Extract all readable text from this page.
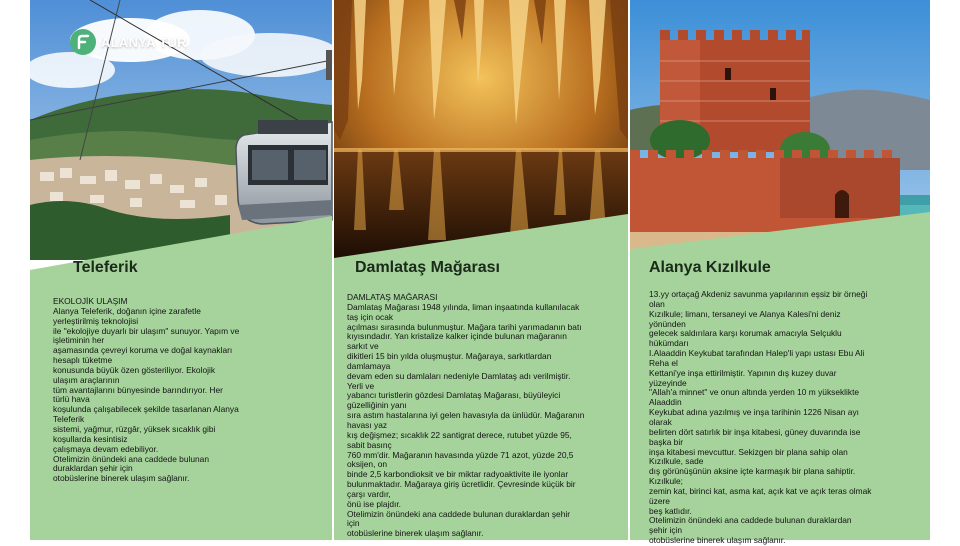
ALANYA TUR
Teleferik
EKOLOJİK ULAŞIM
Alanya Teleferik, doğanın içine zarafetle
yerleştirilmiş teknolojisi
ile "ekolojiye duyarlı bir ulaşım" sunuyor. Yapım ve
işletiminin her
aşamasında çevreyi koruma ve doğal kaynakları
hesaplı tüketme
konusunda büyük özen gösteriliyor. Ekolojik
ulaşım araçlarının
tüm avantajlarını bünyesinde barındırıyor. Her
türlü hava
koşulunda çalışabilecek şekilde tasarlanan Alanya
Teleferik
sistemi, yağmur, rüzgâr, yüksek sıcaklık gibi
koşullarda kesintisiz
çalışmaya devam edebiliyor.
Otelimizin önündeki ana caddede bulunan
duraklardan şehir için
otobüslerine binerek ulaşım sağlanır.
Damlataş Mağarası
DAMLATAŞ MAĞARASI
Damlataş Mağarası 1948 yılında, liman inşaatında kullanılacak
taş için ocak
açılması sırasında bulunmuştur. Mağara tarihi yarımadanın batı
kıyısındadır. Yan kristalize kalker içinde bulunan mağaranın
sarkıt ve
dikitleri 15 bin yılda oluşmuştur. Mağaraya, sarkıtlardan
damlamaya
devam eden su damlaları nedeniyle Damlataş adı verilmiştir.
Yerli ve
yabancı turistlerin gözdesi Damlataş Mağarası, büyüleyici
güzelliğinin yanı
sıra astım hastalarına iyi gelen havasıyla da ünlüdür. Mağaranın
havası yaz
kış değişmez; sıcaklık 22 santigrat derece, rutubet yüzde 95,
sabit basınç
760 mm'dir. Mağaranın havasında yüzde 71 azot, yüzde 20,5
oksijen, on
binde 2,5 karbondioksit ve bir miktar radyoaktivite ile iyonlar
bulunmaktadır. Mağaraya giriş ücretlidir. Çevresinde küçük bir
çarşı vardır,
önü ise plajdır.
Otelimizin önündeki ana caddede bulunan duraklardan şehir
için
otobüslerine binerek ulaşım sağlanır.
Alanya Kızılkule
13.yy ortaçağ Akdeniz savunma yapılarının eşsiz bir örneği
olan
Kızılkule; limanı, tersaneyi ve Alanya Kalesi'ni deniz
yönünden
gelecek saldırılara karşı korumak amacıyla Selçuklu
hükümdarı
I.Alaaddin Keykubat tarafından Halep'li yapı ustası Ebu Ali
Reha el
Kettani'ye inşa ettirilmiştir. Yapının dış kuzey duvar
yüzeyinde
"Allah'a minnet" ve onun altında yerden 10 m yükseklikte
Alaaddin
Keykubat adına yazılmış ve inşa tarihinin 1226 Nisan ayı
olarak
belirten dört satırlık bir inşa kitabesi, güney duvarında ise
başka bir
inşa kitabesi mevcuttur. Sekizgen bir plana sahip olan
Kızılkule, sade
dış görünüşünün aksine içte karmaşık bir plana sahiptir.
Kızılkule;
zemin kat, birinci kat, asma kat, açık kat ve açık teras olmak
üzere
beş katlıdır.
Otelimizin önündeki ana caddede bulunan duraklardan
şehir için
otobüslerine binerek ulaşım sağlanır.
